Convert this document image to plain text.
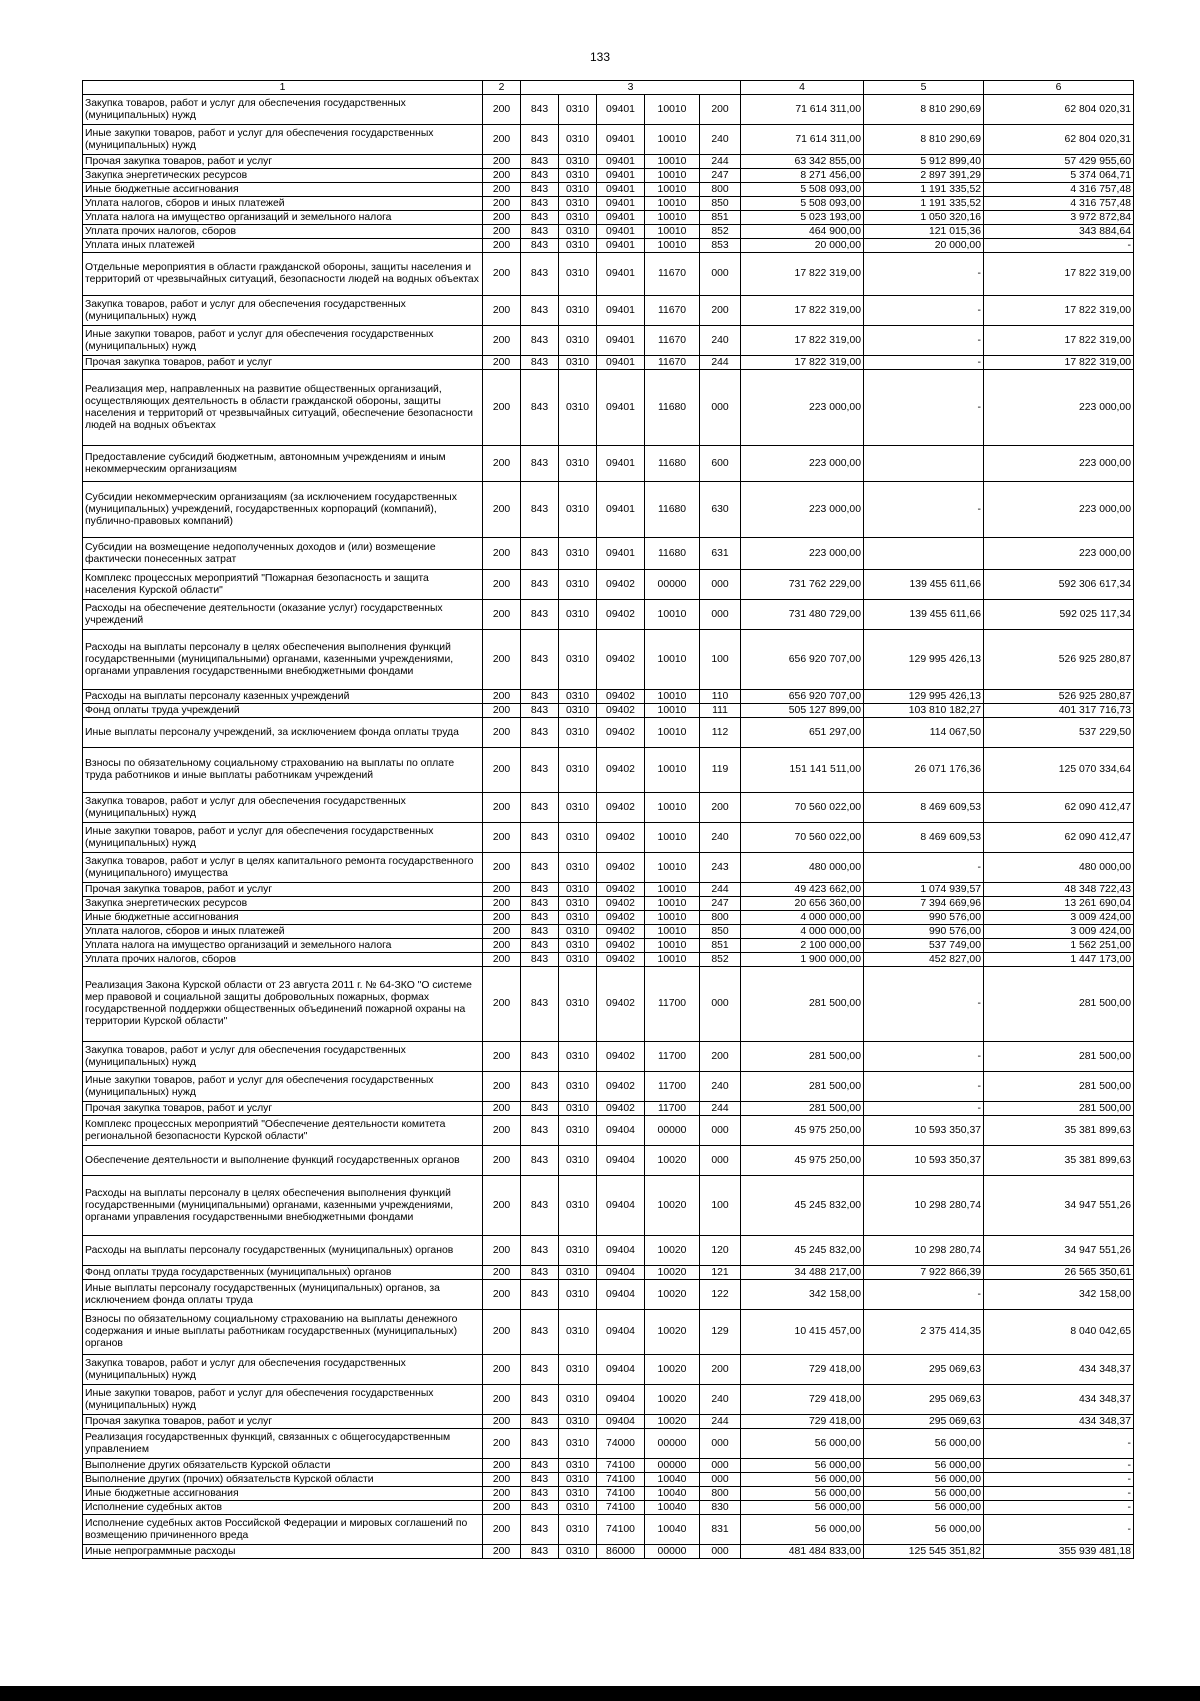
133
1	2	3					4	5	6
Закупка товаров, работ и услуг для обеспечения государственных (муниципальных) нужд	200	843	0310	09401	10010	200	71 614 311,00	8 810 290,69	62 804 020,31
Иные закупки товаров, работ и услуг для обеспечения государственных (муниципальных) нужд	200	843	0310	09401	10010	240	71 614 311,00	8 810 290,69	62 804 020,31
Прочая закупка товаров, работ и услуг	200	843	0310	09401	10010	244	63 342 855,00	5 912 899,40	57 429 955,60
Закупка энергетических ресурсов	200	843	0310	09401	10010	247	8 271 456,00	2 897 391,29	5 374 064,71
Иные бюджетные ассигнования	200	843	0310	09401	10010	800	5 508 093,00	1 191 335,52	4 316 757,48
Уплата налогов, сборов и иных платежей	200	843	0310	09401	10010	850	5 508 093,00	1 191 335,52	4 316 757,48
Уплата налога на имущество организаций и земельного налога	200	843	0310	09401	10010	851	5 023 193,00	1 050 320,16	3 972 872,84
Уплата прочих налогов, сборов	200	843	0310	09401	10010	852	464 900,00	121 015,36	343 884,64
Уплата иных платежей	200	843	0310	09401	10010	853	20 000,00	20 000,00	-
Отдельные мероприятия в области гражданской обороны, защиты населения и территорий от чрезвычайных ситуаций, безопасности людей на водных объектах	200	843	0310	09401	11670	000	17 822 319,00	-	17 822 319,00
Закупка товаров, работ и услуг для обеспечения государственных (муниципальных) нужд	200	843	0310	09401	11670	200	17 822 319,00	-	17 822 319,00
Иные закупки товаров, работ и услуг для обеспечения государственных (муниципальных) нужд	200	843	0310	09401	11670	240	17 822 319,00	-	17 822 319,00
Прочая закупка товаров, работ и услуг	200	843	0310	09401	11670	244	17 822 319,00	-	17 822 319,00
Реализация мер, направленных на развитие общественных организаций, осуществляющих деятельность в области гражданской обороны, защиты населения и территорий от чрезвычайных ситуаций, обеспечение безопасности людей на водных объектах	200	843	0310	09401	11680	000	223 000,00	-	223 000,00
Предоставление субсидий бюджетным, автономным учреждениям и иным некоммерческим организациям	200	843	0310	09401	11680	600	223 000,00		223 000,00
Субсидии некоммерческим организациям (за исключением государственных (муниципальных) учреждений, государственных корпораций (компаний), публично-правовых компаний)	200	843	0310	09401	11680	630	223 000,00	-	223 000,00
Субсидии на возмещение недополученных доходов и (или) возмещение фактически понесенных затрат	200	843	0310	09401	11680	631	223 000,00		223 000,00
Комплекс процессных мероприятий "Пожарная безопасность и защита населения Курской области"	200	843	0310	09402	00000	000	731 762 229,00	139 455 611,66	592 306 617,34
Расходы на обеспечение деятельности (оказание услуг) государственных учреждений	200	843	0310	09402	10010	000	731 480 729,00	139 455 611,66	592 025 117,34
Расходы на выплаты персоналу в целях обеспечения выполнения функций государственными (муниципальными) органами, казенными учреждениями, органами управления государственными внебюджетными фондами	200	843	0310	09402	10010	100	656 920 707,00	129 995 426,13	526 925 280,87
Расходы на выплаты персоналу казенных учреждений	200	843	0310	09402	10010	110	656 920 707,00	129 995 426,13	526 925 280,87
Фонд оплаты труда учреждений	200	843	0310	09402	10010	111	505 127 899,00	103 810 182,27	401 317 716,73
Иные выплаты персоналу учреждений, за исключением фонда оплаты труда	200	843	0310	09402	10010	112	651 297,00	114 067,50	537 229,50
Взносы по обязательному социальному страхованию на выплаты по оплате труда работников и иные выплаты работникам учреждений	200	843	0310	09402	10010	119	151 141 511,00	26 071 176,36	125 070 334,64
Закупка товаров, работ и услуг для обеспечения государственных (муниципальных) нужд	200	843	0310	09402	10010	200	70 560 022,00	8 469 609,53	62 090 412,47
Иные закупки товаров, работ и услуг для обеспечения государственных (муниципальных) нужд	200	843	0310	09402	10010	240	70 560 022,00	8 469 609,53	62 090 412,47
Закупка товаров, работ и услуг в целях капитального ремонта государственного (муниципального) имущества	200	843	0310	09402	10010	243	480 000,00	-	480 000,00
Прочая закупка товаров, работ и услуг	200	843	0310	09402	10010	244	49 423 662,00	1 074 939,57	48 348 722,43
Закупка энергетических ресурсов	200	843	0310	09402	10010	247	20 656 360,00	7 394 669,96	13 261 690,04
Иные бюджетные ассигнования	200	843	0310	09402	10010	800	4 000 000,00	990 576,00	3 009 424,00
Уплата налогов, сборов и иных платежей	200	843	0310	09402	10010	850	4 000 000,00	990 576,00	3 009 424,00
Уплата налога на имущество организаций и земельного налога	200	843	0310	09402	10010	851	2 100 000,00	537 749,00	1 562 251,00
Уплата прочих налогов, сборов	200	843	0310	09402	10010	852	1 900 000,00	452 827,00	1 447 173,00
Реализация Закона Курской области от 23 августа 2011 г. № 64-ЗКО "О системе мер правовой и социальной защиты добровольных пожарных, формах государственной поддержки общественных объединений пожарной охраны на территории Курской области"	200	843	0310	09402	11700	000	281 500,00	-	281 500,00
Закупка товаров, работ и услуг для обеспечения государственных (муниципальных) нужд	200	843	0310	09402	11700	200	281 500,00	-	281 500,00
Иные закупки товаров, работ и услуг для обеспечения государственных (муниципальных) нужд	200	843	0310	09402	11700	240	281 500,00	-	281 500,00
Прочая закупка товаров, работ и услуг	200	843	0310	09402	11700	244	281 500,00	-	281 500,00
Комплекс процессных мероприятий "Обеспечение деятельности комитета региональной безопасности Курской области"	200	843	0310	09404	00000	000	45 975 250,00	10 593 350,37	35 381 899,63
Обеспечение деятельности и выполнение функций государственных органов	200	843	0310	09404	10020	000	45 975 250,00	10 593 350,37	35 381 899,63
Расходы на выплаты персоналу в целях обеспечения выполнения функций государственными (муниципальными) органами, казенными учреждениями, органами управления государственными внебюджетными фондами	200	843	0310	09404	10020	100	45 245 832,00	10 298 280,74	34 947 551,26
Расходы на выплаты персоналу государственных (муниципальных) органов	200	843	0310	09404	10020	120	45 245 832,00	10 298 280,74	34 947 551,26
Фонд оплаты труда государственных (муниципальных) органов	200	843	0310	09404	10020	121	34 488 217,00	7 922 866,39	26 565 350,61
Иные выплаты персоналу государственных (муниципальных) органов, за исключением фонда оплаты труда	200	843	0310	09404	10020	122	342 158,00	-	342 158,00
Взносы по обязательному социальному страхованию на выплаты денежного содержания и иные выплаты работникам государственных (муниципальных) органов	200	843	0310	09404	10020	129	10 415 457,00	2 375 414,35	8 040 042,65
Закупка товаров, работ и услуг для обеспечения государственных (муниципальных) нужд	200	843	0310	09404	10020	200	729 418,00	295 069,63	434 348,37
Иные закупки товаров, работ и услуг для обеспечения государственных (муниципальных) нужд	200	843	0310	09404	10020	240	729 418,00	295 069,63	434 348,37
Прочая закупка товаров, работ и услуг	200	843	0310	09404	10020	244	729 418,00	295 069,63	434 348,37
Реализация государственных функций, связанных с общегосударственным управлением	200	843	0310	74000	00000	000	56 000,00	56 000,00	-
Выполнение других обязательств Курской области	200	843	0310	74100	00000	000	56 000,00	56 000,00	-
Выполнение других (прочих) обязательств Курской области	200	843	0310	74100	10040	000	56 000,00	56 000,00	-
Иные бюджетные ассигнования	200	843	0310	74100	10040	800	56 000,00	56 000,00	-
Исполнение судебных актов	200	843	0310	74100	10040	830	56 000,00	56 000,00	-
Исполнение судебных актов Российской Федерации и мировых соглашений по возмещению причиненного вреда	200	843	0310	74100	10040	831	56 000,00	56 000,00	-
Иные непрограммные расходы	200	843	0310	86000	00000	000	481 484 833,00	125 545 351,82	355 939 481,18
